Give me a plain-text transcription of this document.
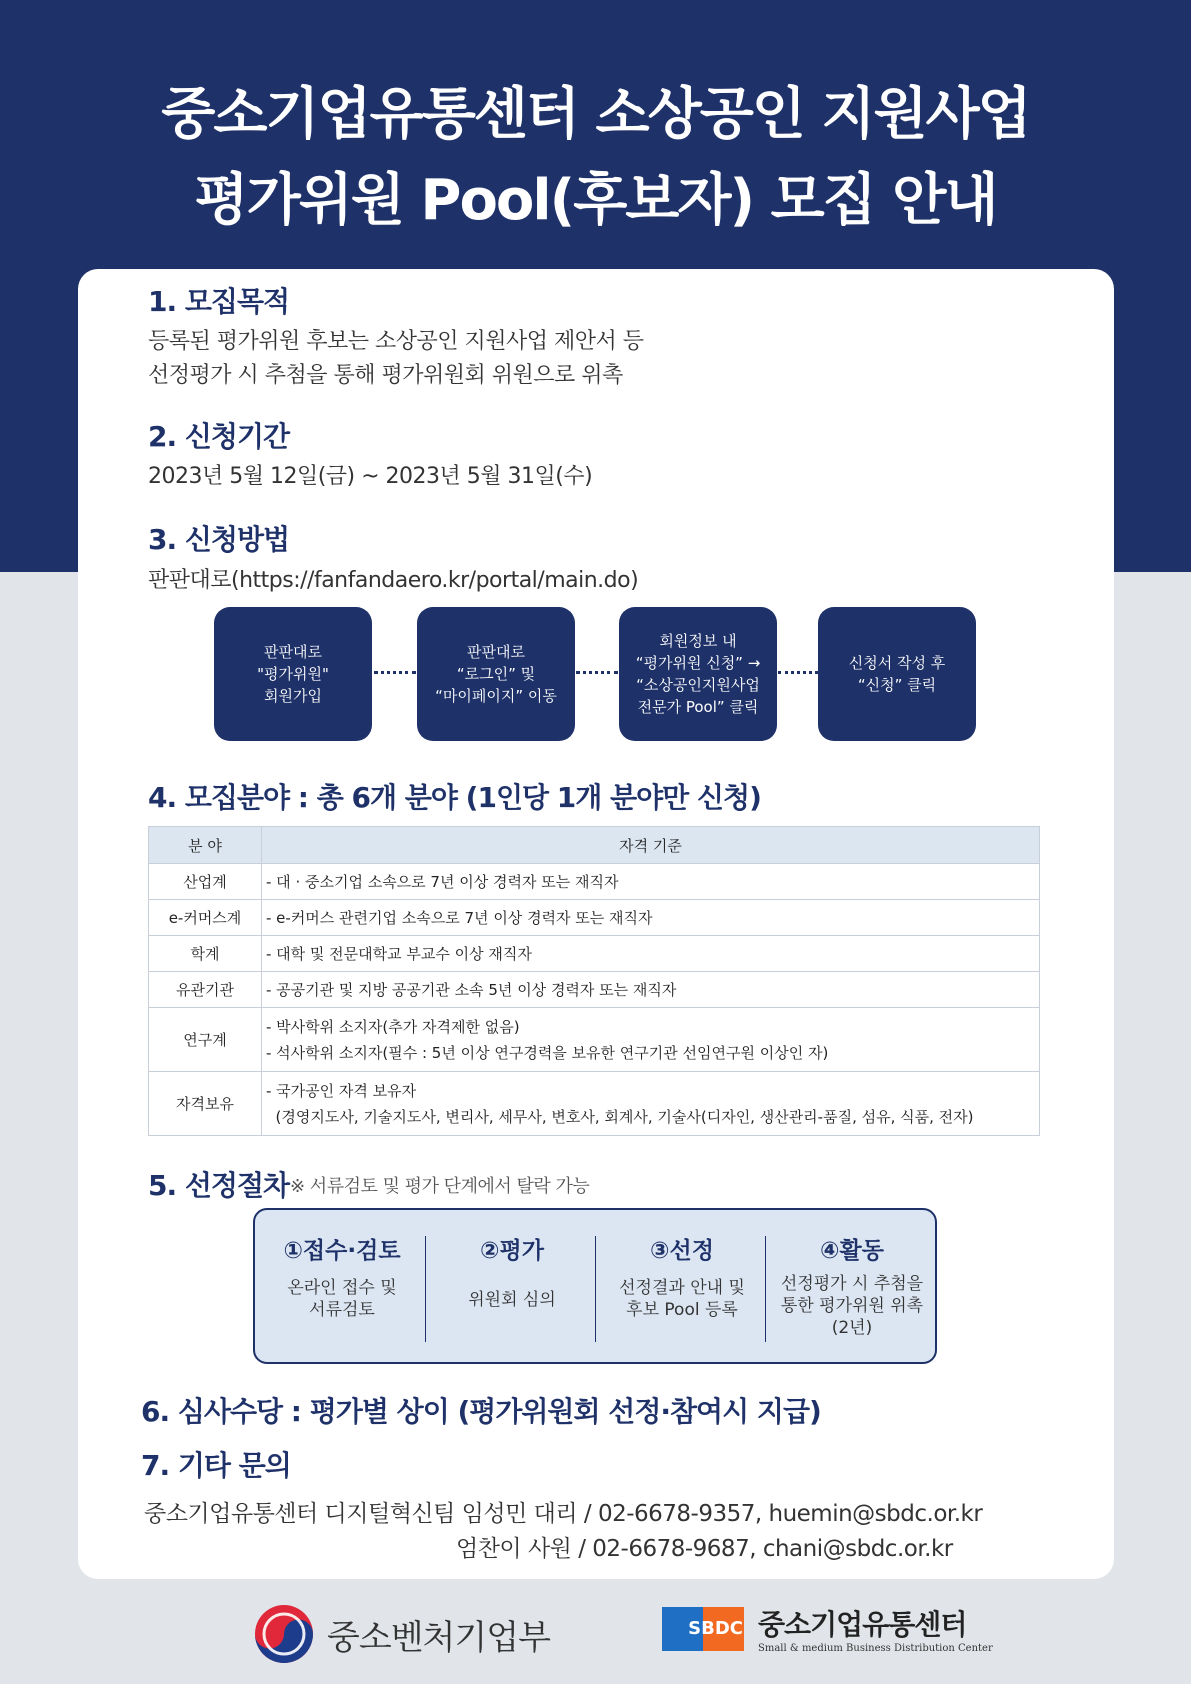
중소기업유통센터 소상공인 지원사업
평가위원 Pool(후보자) 모집 안내
1. 모집목적
등록된 평가위원 후보는 소상공인 지원사업 제안서 등
선정평가 시 추첨을 통해 평가위원회 위원으로 위촉
2. 신청기간
2023년 5월 12일(금) ~ 2023년 5월 31일(수)
3. 신청방법
판판대로(https://fanfandaero.kr/portal/main.do)
판판대로
"평가위원"
회원가입
판판대로
“로그인” 및
“마이페이지” 이동
회원정보 내
“평가위원 신청” →
“소상공인지원사업
전문가 Pool” 클릭
신청서 작성 후
“신청” 클릭
4. 모집분야 : 총 6개 분야 (1인당 1개 분야만 신청)
분 야	자격 기준
산업계	- 대 · 중소기업 소속으로 7년 이상 경력자 또는 재직자

e-커머스계	- e-커머스 관련기업 소속으로 7년 이상 경력자 또는 재직자

학계	- 대학 및 전문대학교 부교수 이상 재직자

유관기관	- 공공기관 및 지방 공공기관 소속 5년 이상 경력자 또는 재직자

연구계	- 박사학위 소지자(추가 자격제한 없음)
- 석사학위 소지자(필수 : 5년 이상 연구경력을 보유한 연구기관 선임연구원 이상인 자)

자격보유	- 국가공인 자격 보유자
(경영지도사, 기술지도사, 변리사, 세무사, 변호사, 회계사, 기술사(디자인, 생산관리-품질, 섬유, 식품, 전자)
5. 선정절차 ※ 서류검토 및 평가 단계에서 탈락 가능
①접수·검토
온라인 접수 및
서류검토
②평가
위원회 심의
③선정
선정결과 안내 및
후보 Pool 등록
④활동
선정평가 시 추첨을
통한 평가위원 위촉
(2년)
6. 심사수당 : 평가별 상이 (평가위원회 선정·참여시 지급)
7. 기타 문의
중소기업유통센터 디지털혁신팀 임성민 대리 / 02-6678-9357, huemin@sbdc.or.kr
엄찬이 사원 / 02-6678-9687, chani@sbdc.or.kr
중소벤처기업부	SBDC 중소기업유통센터
Small & medium Business Distribution Center
